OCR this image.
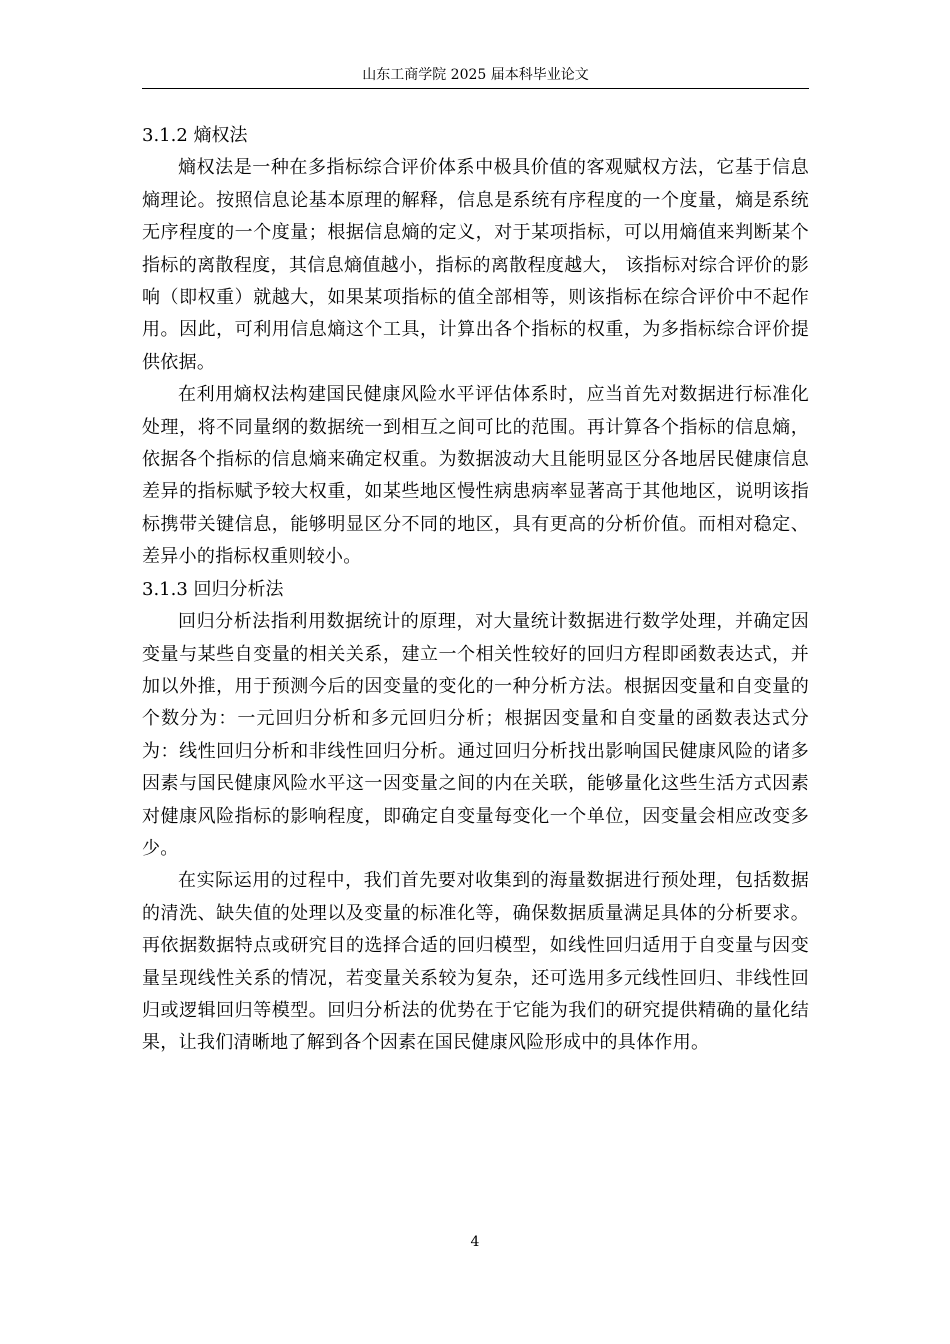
山东工商学院 2025 届本科毕业论文

3.1.2 熵权法

熵权法是一种在多指标综合评价体系中极具价值的客观赋权方法，它基于信息熵理论。按照信息论基本原理的解释，信息是系统有序程度的一个度量，熵是系统无序程度的一个度量；根据信息熵的定义，对于某项指标，可以用熵值来判断某个指标的离散程度，其信息熵值越小，指标的离散程度越大， 该指标对综合评价的影响（即权重）就越大，如果某项指标的值全部相等，则该指标在综合评价中不起作用。因此，可利用信息熵这个工具，计算出各个指标的权重，为多指标综合评价提供依据。

在利用熵权法构建国民健康风险水平评估体系时，应当首先对数据进行标准化处理，将不同量纲的数据统一到相互之间可比的范围。再计算各个指标的信息熵，依据各个指标的信息熵来确定权重。为数据波动大且能明显区分各地居民健康信息差异的指标赋予较大权重，如某些地区慢性病患病率显著高于其他地区，说明该指标携带关键信息，能够明显区分不同的地区，具有更高的分析价值。而相对稳定、差异小的指标权重则较小。

3.1.3 回归分析法

回归分析法指利用数据统计的原理，对大量统计数据进行数学处理，并确定因变量与某些自变量的相关关系，建立一个相关性较好的回归方程即函数表达式，并加以外推，用于预测今后的因变量的变化的一种分析方法。根据因变量和自变量的个数分为：一元回归分析和多元回归分析；根据因变量和自变量的函数表达式分为：线性回归分析和非线性回归分析。通过回归分析找出影响国民健康风险的诸多因素与国民健康风险水平这一因变量之间的内在关联，能够量化这些生活方式因素对健康风险指标的影响程度，即确定自变量每变化一个单位，因变量会相应改变多少。

在实际运用的过程中，我们首先要对收集到的海量数据进行预处理，包括数据的清洗、缺失值的处理以及变量的标准化等，确保数据质量满足具体的分析要求。再依据数据特点或研究目的选择合适的回归模型，如线性回归适用于自变量与因变量呈现线性关系的情况，若变量关系较为复杂，还可选用多元线性回归、非线性回归或逻辑回归等模型。回归分析法的优势在于它能为我们的研究提供精确的量化结果，让我们清晰地了解到各个因素在国民健康风险形成中的具体作用。

4
